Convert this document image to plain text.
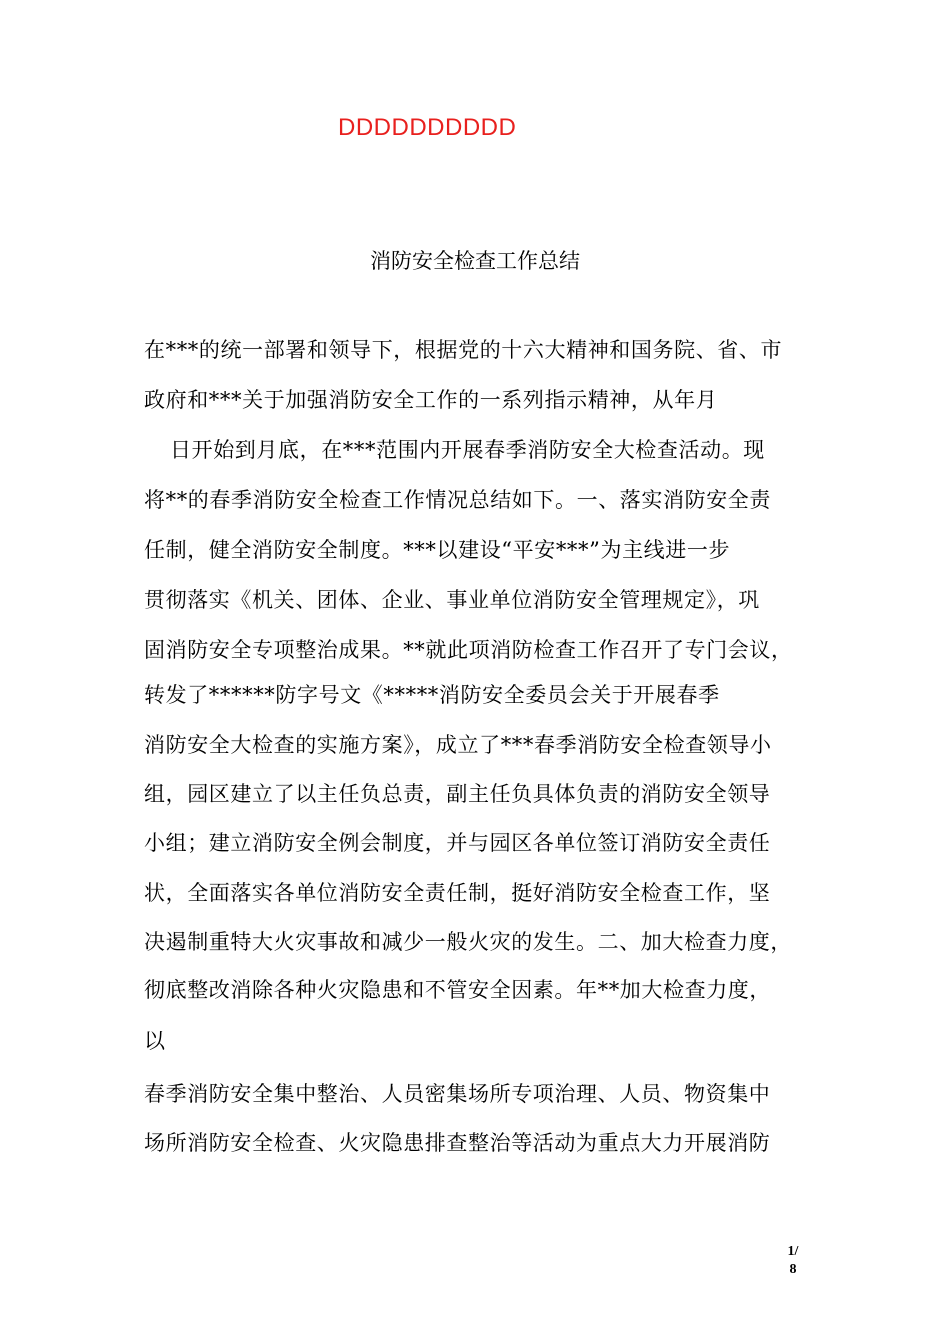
DDDDDDDDDD
消防安全检查工作总结
在***的统一部署和领导下，根据党的十六大精神和国务院、省、市
政府和***关于加强消防安全工作的一系列指示精神，从年月
日开始到月底，在***范围内开展春季消防安全大检查活动。现
将**的春季消防安全检查工作情况总结如下。一、落实消防安全责
任制，健全消防安全制度。***以建设“平安***”为主线进一步
贯彻落实《机关、团体、企业、事业单位消防安全管理规定》，巩
固消防安全专项整治成果。**就此项消防检查工作召开了专门会议，
转发了******防字号文《*****消防安全委员会关于开展春季
消防安全大检查的实施方案》，成立了***春季消防安全检查领导小
组，园区建立了以主任负总责，副主任负具体负责的消防安全领导
小组；建立消防安全例会制度，并与园区各单位签订消防安全责任
状，全面落实各单位消防安全责任制，挺好消防安全检查工作，坚
决遏制重特大火灾事故和减少一般火灾的发生。二、加大检查力度，
彻底整改消除各种火灾隐患和不管安全因素。年**加大检查力度，
以
春季消防安全集中整治、人员密集场所专项治理、人员、物资集中
场所消防安全检查、火灾隐患排查整治等活动为重点大力开展消防
1/
8
